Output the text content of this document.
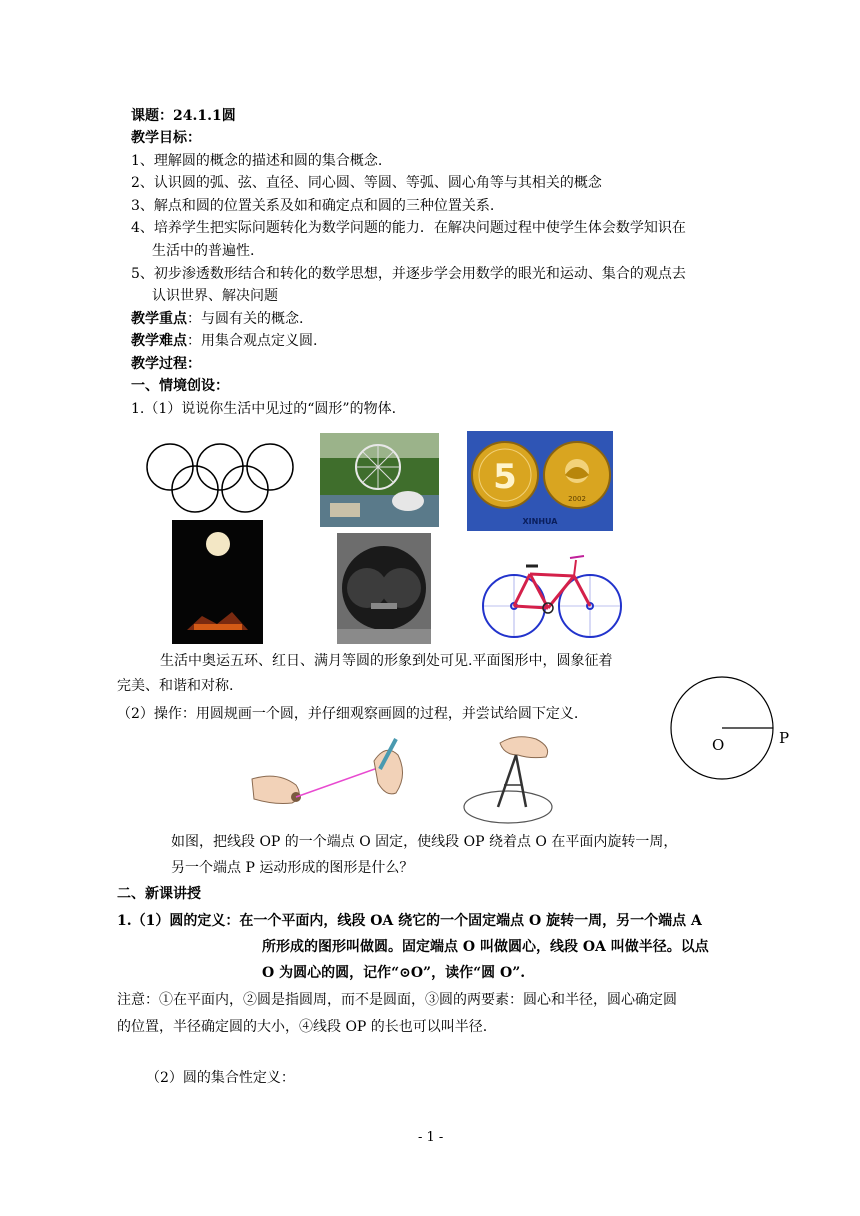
课题：24.1.1圆
教学目标：
1、理解圆的概念的描述和圆的集合概念.
2、认识圆的弧、弦、直径、同心圆、等圆、等弧、圆心角等与其相关的概念
3、解点和圆的位置关系及如和确定点和圆的三种位置关系.
4、培养学生把实际问题转化为数学问题的能力．在解决问题过程中使学生体会数学知识在
生活中的普遍性.
5、初步渗透数形结合和转化的数学思想，并逐步学会用数学的眼光和运动、集合的观点去
认识世界、解决问题
教学重点：与圆有关的概念.
教学难点：用集合观点定义圆.
教学过程：
一、情境创设：
1.（1）说说你生活中见过的“圆形”的物体.
5
2002
XINHUA
生活中奥运五环、红日、满月等圆的形象到处可见.平面图形中，圆象征着
完美、和谐和对称.
（2）操作：用圆规画一个圆，并仔细观察画圆的过程，并尝试给圆下定义.
O	P
如图，把线段 OP 的一个端点 O 固定，使线段 OP 绕着点 O 在平面内旋转一周，
另一个端点 P 运动形成的图形是什么？
二、新课讲授
1.（1）圆的定义：在一个平面内，线段 OA 绕它的一个固定端点 O 旋转一周，另一个端点 A
所形成的图形叫做圆。固定端点 O 叫做圆心，线段 OA 叫做半径。以点
O 为圆心的圆，记作“⊙O”，读作“圆 O”.
注意：①在平面内，②圆是指圆周，而不是圆面，③圆的两要素：圆心和半径，圆心确定圆
的位置，半径确定圆的大小，④线段 OP 的长也可以叫半径.
（2）圆的集合性定义：
- 1 -
